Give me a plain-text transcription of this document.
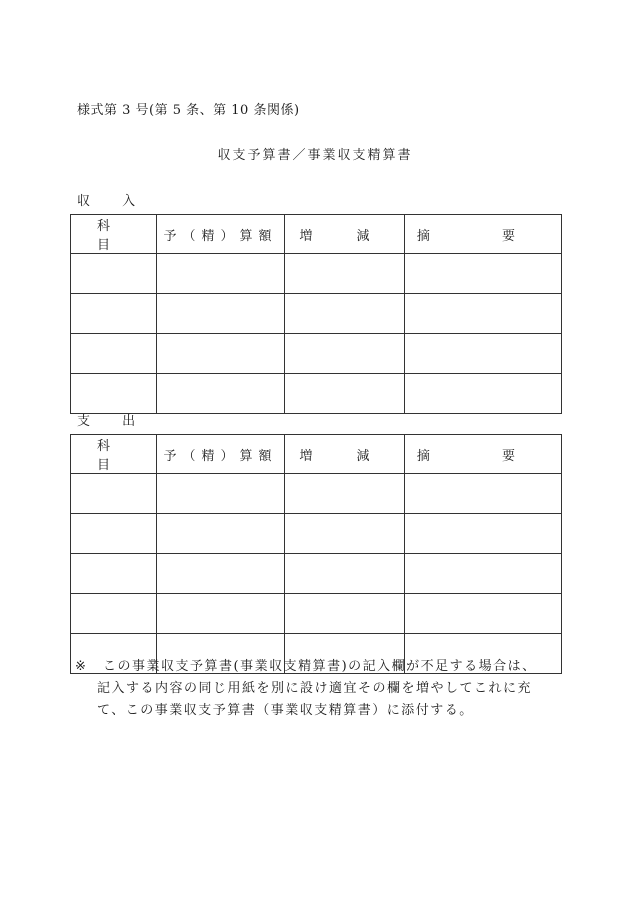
様式第 3 号(第 5 条、第 10 条関係)
収支予算書／事業収支精算書
収 入
科 目	予（精）算額	増 減	摘 要

支 出
科 目	予（精）算額	増 減	摘 要

※	この事業収支予算書(事業収支精算書)の記入欄が不足する場合は、
記入する内容の同じ用紙を別に設け適宜その欄を増やしてこれに充
て、この事業収支予算書（事業収支精算書）に添付する。
